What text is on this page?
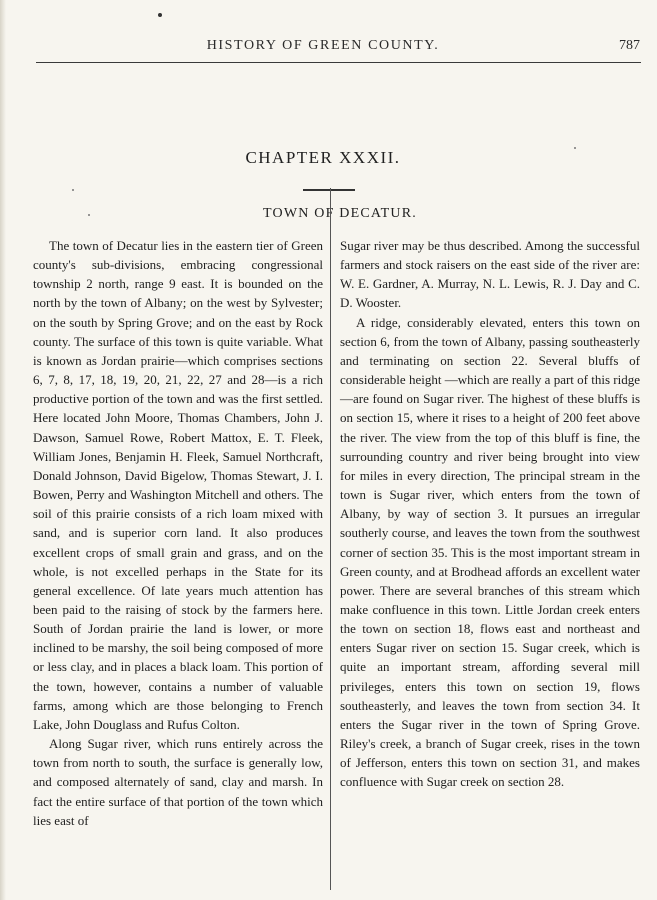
HISTORY OF GREEN COUNTY.	787
CHAPTER XXXII.
TOWN OF DECATUR.

The town of Decatur lies in the eastern tier of Green county's sub-divisions, embracing congressional township 2 north, range 9 east. It is bounded on the north by the town of Albany; on the west by Sylvester; on the south by Spring Grove; and on the east by Rock county. The surface of this town is quite variable. What is known as Jordan prairie—which comprises sections 6, 7, 8, 17, 18, 19, 20, 21, 22, 27 and 28—is a rich productive portion of the town and was the first settled. Here located John Moore, Thomas Chambers, John J. Dawson, Samuel Rowe, Robert Mattox, E. T. Fleek, William Jones, Benjamin H. Fleek, Samuel Northcraft, Donald Johnson, David Bigelow, Thomas Stewart, J. I. Bowen, Perry and Washington Mitchell and others. The soil of this prairie consists of a rich loam mixed with sand, and is superior corn land. It also produces excellent crops of small grain and grass, and on the whole, is not excelled perhaps in the State for its general excellence. Of late years much attention has been paid to the raising of stock by the farmers here. South of Jordan prairie the land is lower, or more inclined to be marshy, the soil being composed of more or less clay, and in places a black loam. This portion of the town, however, contains a number of valuable farms, among which are those belonging to French Lake, John Douglass and Rufus Colton.

Along Sugar river, which runs entirely across the town from north to south, the surface is generally low, and composed alternately of sand, clay and marsh. In fact the entire surface of that portion of the town which lies east of

Sugar river may be thus described. Among the successful farmers and stock raisers on the east side of the river are: W. E. Gardner, A. Murray, N. L. Lewis, R. J. Day and C. D. Wooster.

A ridge, considerably elevated, enters this town on section 6, from the town of Albany, passing southeasterly and terminating on section 22. Several bluffs of considerable height —which are really a part of this ridge—are found on Sugar river. The highest of these bluffs is on section 15, where it rises to a height of 200 feet above the river. The view from the top of this bluff is fine, the surrounding country and river being brought into view for miles in every direction, The principal stream in the town is Sugar river, which enters from the town of Albany, by way of section 3. It pursues an irregular southerly course, and leaves the town from the southwest corner of section 35. This is the most important stream in Green county, and at Brodhead affords an excellent water power. There are several branches of this stream which make confluence in this town. Little Jordan creek enters the town on section 18, flows east and northeast and enters Sugar river on section 15. Sugar creek, which is quite an important stream, affording several mill privileges, enters this town on section 19, flows southeasterly, and leaves the town from section 34. It enters the Sugar river in the town of Spring Grove. Riley's creek, a branch of Sugar creek, rises in the town of Jefferson, enters this town on section 31, and makes confluence with Sugar creek on section 28.
